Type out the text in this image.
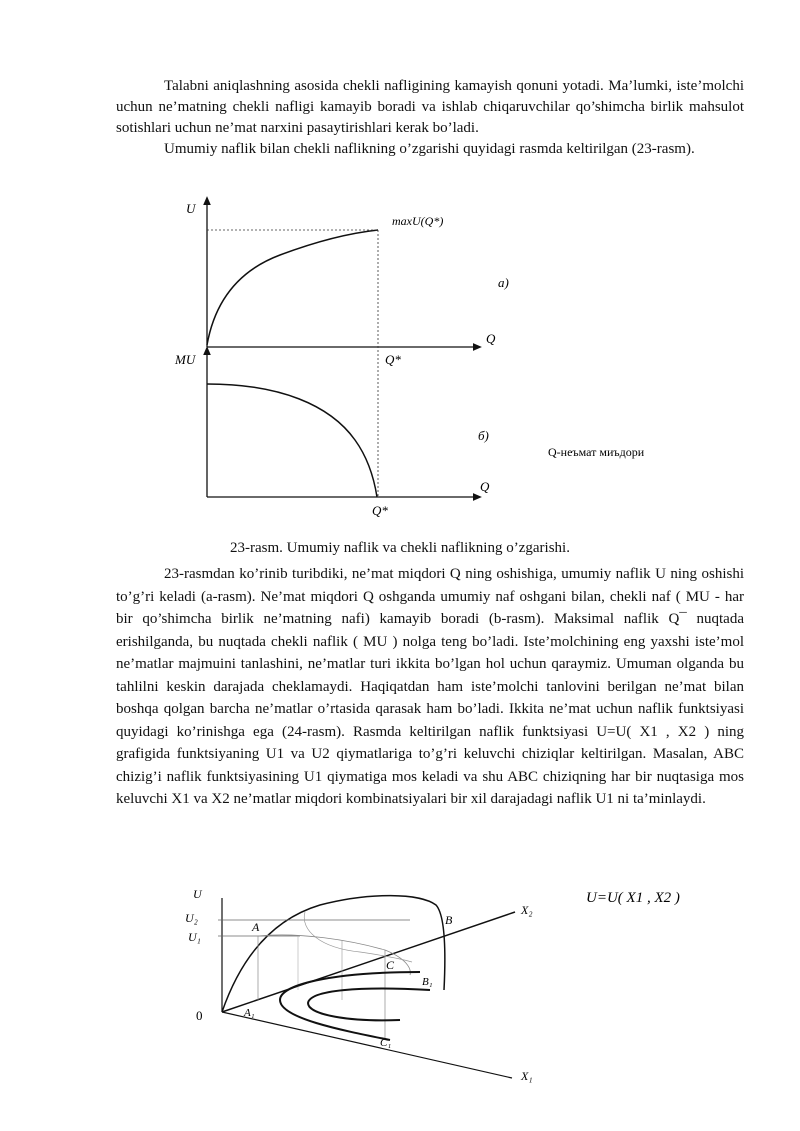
Talabni aniqlashning asosida chekli nafligining kamayish qonuni yotadi. Ma’lumki, iste’molchi uchun ne’matning chekli nafligi kamayib boradi va ishlab chiqaruvchilar qo’shimcha birlik mahsulot sotishlari uchun ne’mat narxini pasaytirishlari kerak bo’ladi.

Umumiy naflik bilan chekli naflikning o’zgarishi quyidagi rasmda keltirilgan (23-rasm).

U
maxU(Q*)
a)
Q
MU	Q*
б)
Q-неъмат миъдори
Q
Q*
23-rasm. Umumiy naflik va chekli naflikning o’zgarishi.

23-rasmdan ko’rinib turibdiki, ne’mat miqdori Q ning oshishiga, umumiy naflik U ning oshishi to’g’ri keladi (a-rasm). Ne’mat miqdori Q oshganda umumiy naf oshgani bilan, chekli naf ( MU - har bir qo’shimcha birlik ne’matning nafi) kamayib boradi (b-rasm). Maksimal naflik Q¯ nuqtada erishilganda, bu nuqtada chekli naflik ( MU ) nolga teng bo’ladi. Iste’molchining eng yaxshi iste’mol ne’matlar majmuini tanlashini, ne’matlar turi ikkita bo’lgan hol uchun qaraymiz. Umuman olganda bu tahlilni keskin darajada cheklamaydi. Haqiqatdan ham iste’molchi tanlovini berilgan ne’mat bilan boshqa qolgan barcha ne’matlar o’rtasida qarasak ham bo’ladi. Ikkita ne’mat uchun naflik funktsiyasi quyidagi ko’rinishga ega (24-rasm). Rasmda keltirilgan naflik funktsiyasi U=U( X1 , X2 ) ning grafigida funktsiyaning U1 va U2 qiymatlariga to’g’ri keluvchi chiziqlar keltirilgan. Masalan, ABC chizig’i naflik funktsiyasining U1 qiymatiga mos keladi va shu ABC chiziqning har bir nuqtasiga mos keluvchi X1 va X2 ne’matlar miqdori kombinatsiyalari bir xil darajadagi naflik U1 ni ta’minlaydi.

U=U( X1 , X2 )
U
U₂
U₁
0
A	B
C
A₁
B₁
C₁
X₂
X₁
